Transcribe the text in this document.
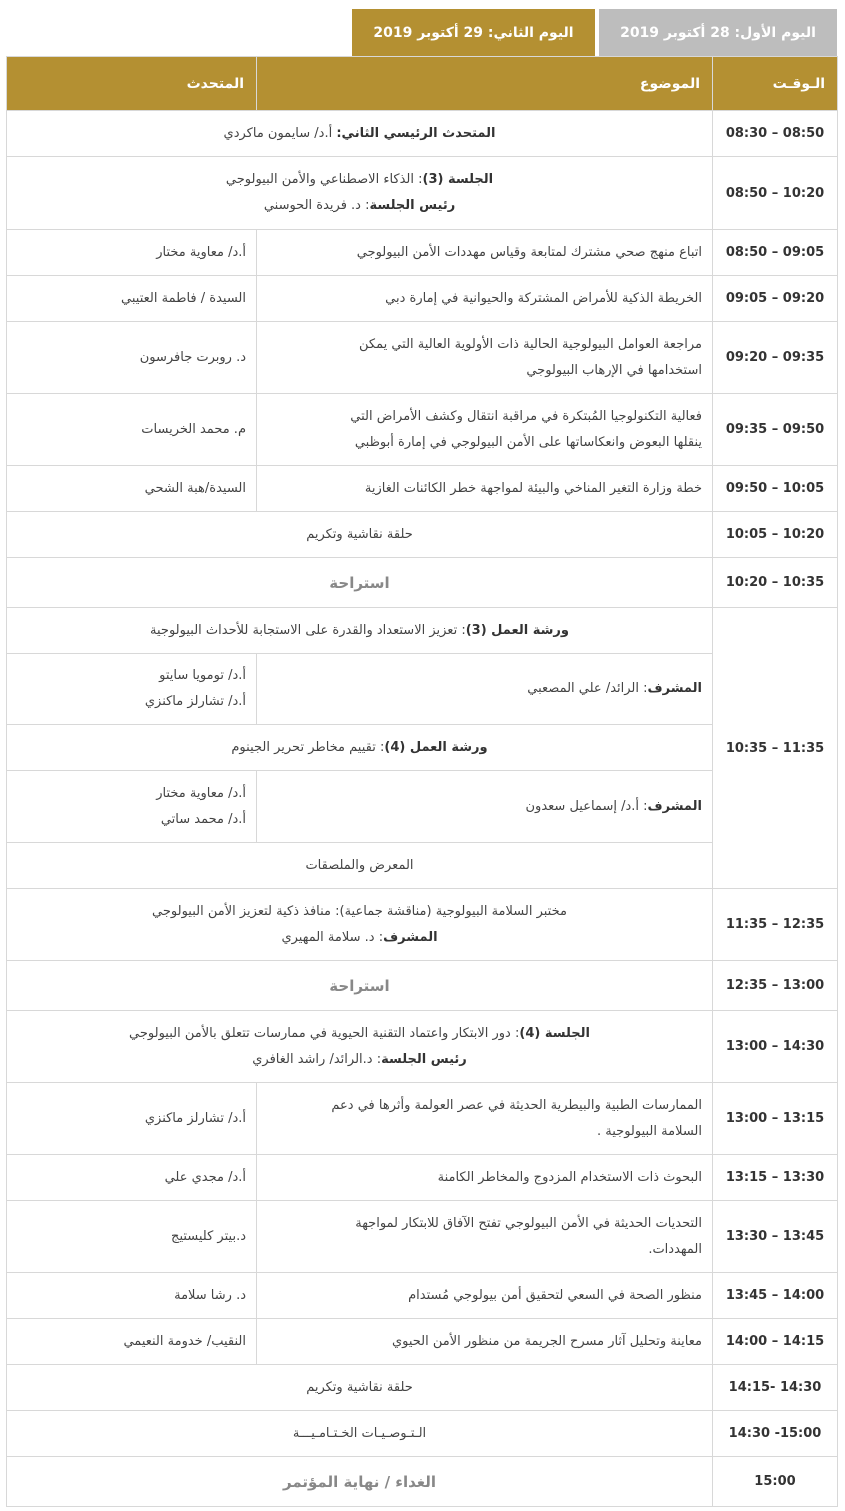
اليوم الأول: 28 أكتوبر 2019
اليوم الثاني: 29 أكتوبر 2019
الـوقـت	الموضوع	المتحدث
08:30 – 08:50	المتحدث الرئيسي الثاني: أ.د/ سايمون ماكردي	
08:50 – 10:20	الجلسة (3): الذكاء الاصطناعي والأمن البيولوجي
رئيس الجلسة: د. فريدة الحوسني	

08:50 – 09:05	اتباع منهج صحي مشترك لمتابعة وقياس مهددات الأمن البيولوجي	أ.د/ معاوية مختار
09:05 – 09:20	الخريطة الذكية للأمراض المشتركة والحيوانية في إمارة دبي	السيدة / فاطمة العتيبي
09:20 – 09:35	مراجعة العوامل البيولوجية الحالية ذات الأولوية العالية التي يمكن
استخدامها في الإرهاب البيولوجي	د. روبرت جافرسون
09:35 – 09:50	فعالية التكنولوجيا المُبتكرة في مراقبة انتقال وكشف الأمراض التي
ينقلها البعوض وانعكاساتها على الأمن البيولوجي في إمارة أبوظبي	م. محمد الخريسات
09:50 – 10:05	خطة وزارة التغير المناخي والبيئة لمواجهة خطر الكائنات الغازية	السيدة/هبة الشحي
10:05 – 10:20	حلقة نقاشية وتكريم	
10:20 – 10:35	استراحة	
10:35 – 11:35	ورشة العمل (3): تعزيز الاستعداد والقدرة على الاستجابة للأحداث البيولوجية	
	المشرف: الرائد/ علي المصعبي	أ.د/ تومويا سايتو
أ.د/ تشارلز ماكنزي

	ورشة العمل (4): تقييم مخاطر تحرير الجينوم	
	المشرف: أ.د/ إسماعيل سعدون	أ.د/ معاوية مختار
أ.د/ محمد ساتي

	المعرض والملصقات	
11:35 – 12:35	مختبر السلامة البيولوجية (مناقشة جماعية): منافذ ذكية لتعزيز الأمن البيولوجي
المشرف: د. سلامة المهيري	

12:35 – 13:00	استراحة	
13:00 – 14:30	الجلسة (4): دور الابتكار واعتماد التقنية الحيوية في ممارسات تتعلق بالأمن البيولوجي
رئيس الجلسة: د.الرائد/ راشد الغافري	

13:00 – 13:15	الممارسات الطبية والبيطرية الحديثة في عصر العولمة وأثرها في دعم
السلامة البيولوجية .	أ.د/ تشارلز ماكنزي
13:15 – 13:30	البحوث ذات الاستخدام المزدوج والمخاطر الكامنة	أ.د/ مجدي علي
13:30 – 13:45	التحديات الحديثة في الأمن البيولوجي تفتح الآفاق للابتكار لمواجهة
المهددات.	د.بيتر كليستيج
13:45 – 14:00	منظور الصحة في السعي لتحقيق أمن بيولوجي مُستدام	د. رشا سلامة
14:00 – 14:15	معاينة وتحليل آثار مسرح الجريمة من منظور الأمن الحيوي	النقيب/ خدومة النعيمي
14:15- 14:30	حلقة نقاشية وتكريم	
14:30 -15:00	الـتـوصـيـات الخـتـامـيـــة	
15:00	الغداء / نهاية المؤتمر	
